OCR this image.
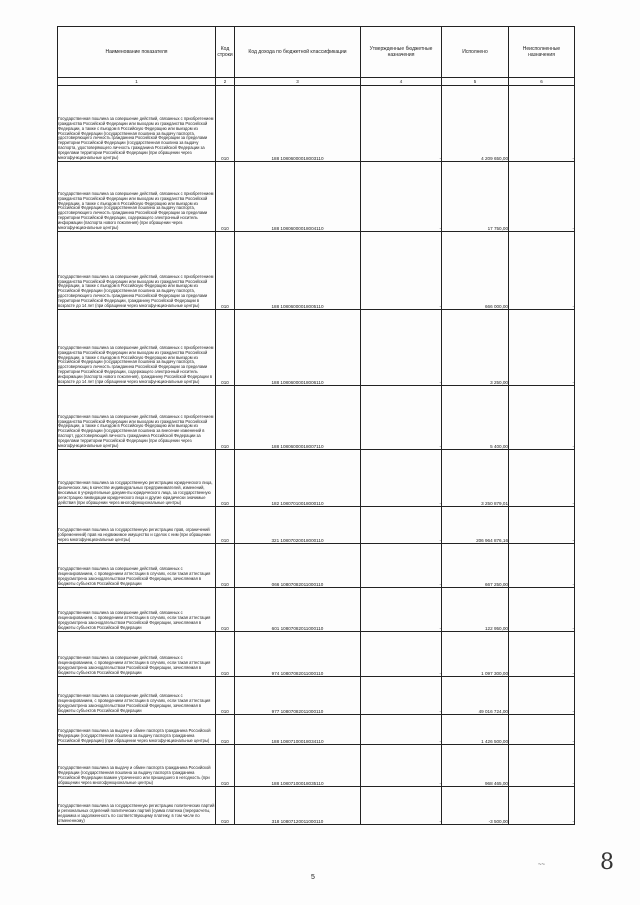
Наименование показателя	Код строки	Код дохода по бюджетной классификации	Утвержденные бюджетные назначения	Исполнено	Неисполненные назначения
1	2	3	4	5	6
Государственная пошлина за совершение действий, связанных с приобретением гражданства Российской Федерации или выходом из гражданства Российской Федерации, а также с въездом в Российскую Федерацию или выездом из Российской Федерации (государственная пошлина за выдачу паспорта, удостоверяющего личность гражданина Российской Федерации за пределами территории Российской Федерации (государственная пошлина за выдачу паспорта, удостоверяющего личность гражданина Российской Федерации за пределами территории Российской Федерации (при обращении через многофункциональные центры)	010	188 10806000018003110	-	4 209 650,00	-
Государственная пошлина за совершение действий, связанных с приобретением гражданства Российской Федерации или выходом из гражданства Российской Федерации, а также с въездом в Российскую Федерацию или выездом из Российской Федерации (государственная пошлина за выдачу паспорта, удостоверяющего личность гражданина Российской Федерации за пределами территории Российской Федерации, содержащего электронный носитель информации (паспорта нового поколения) (при обращении через многофункциональные центры)	010	188 10806000018004110	-	17 750,00	-
Государственная пошлина за совершение действий, связанных с приобретением гражданства Российской Федерации или выходом из гражданства Российской Федерации, а также с въездом в Российскую Федерацию или выездом из Российской Федерации (государственная пошлина за выдачу паспорта, удостоверяющего личность гражданина Российской Федерации за пределами территории Российской Федерации, гражданину Российской Федерации в возрасте до 14 лет (при обращении через многофункциональные центры)	010	188 10806000018005110	-	666 000,00	-
Государственная пошлина за совершение действий, связанных с приобретением гражданства Российской Федерации или выходом из гражданства Российской Федерации, а также с въездом в Российскую Федерацию или выездом из Российской Федерации (государственная пошлина за выдачу паспорта, удостоверяющего личность гражданина Российской Федерации за пределами территории Российской Федерации, содержащего электронный носитель информации (паспорта нового поколения), гражданину Российской Федерации в возрасте до 14 лет (при обращении через многофункциональные центры)	010	188 10806000018006110	-	3 250,00	-
Государственная пошлина за совершение действий, связанных с приобретением гражданства Российской Федерации или выходом из гражданства Российской Федерации, а также с въездом в Российскую Федерацию или выездом из Российской Федерации (государственная пошлина за внесение изменений в паспорт, удостоверяющий личность гражданина Российской Федерации за пределами территории Российской Федерации (при обращении через многофункциональные центры)	010	188 10806000018007110	-	5 400,00	-
Государственная пошлина за государственную регистрацию юридического лица, физических лиц в качестве индивидуальных предпринимателей, изменений, вносимых в учредительные документы юридического лица, за государственную регистрацию ликвидации юридического лица и другие юридически значимые действия (при обращении через многофункциональные центры)	010	182 10807010018000110	-	3 250 879,01	-
Государственная пошлина за государственную регистрацию прав, ограничений (обременений) прав на недвижимое имущество и сделок с ним (при обращении через многофункциональные центры)	010	321 10807020018000110	-	206 964 876,16	-
Государственная пошлина за совершение действий, связанных с лицензированием, с проведением аттестации в случаях, если такая аттестация предусмотрена законодательством Российской Федерации, зачисляемая в бюджеты субъектов Российской Федерации	010	066 10807082011000110	-	667 250,00	-
Государственная пошлина за совершение действий, связанных с лицензированием, с проведением аттестации в случаях, если такая аттестация предусмотрена законодательством Российской Федерации, зачисляемая в бюджеты субъектов Российской Федерации	010	601 10807082011000110	-	122 950,00	-
Государственная пошлина за совершение действий, связанных с лицензированием, с проведением аттестации в случаях, если такая аттестация предусмотрена законодательством Российской Федерации, зачисляемая в бюджеты субъектов Российской Федерации	010	974 10807082011000110	-	1 097 300,00	-
Государственная пошлина за совершение действий, связанных с лицензированием, с проведением аттестации в случаях, если такая аттестация предусмотрена законодательством Российской Федерации, зачисляемая в бюджеты субъектов Российской Федерации	010	977 10807082011000110	-	49 016 724,00	-
Государственная пошлина за выдачу и обмен паспорта гражданина Российской Федерации (государственная пошлина за выдачу паспорта гражданина Российской Федерации) (при обращении через многофункциональные центры)	010	188 10807100018034110	-	1 426 500,00	-
Государственная пошлина за выдачу и обмен паспорта гражданина Российской Федерации (государственная пошлина за выдачу паспорта гражданина Российской Федерации взамен утраченного или пришедшего в негодность (при обращении через многофункциональные центры)	010	188 10807100018035110	-	968 465,00	-
Государственная пошлина за государственную регистрацию политических партий и региональных отделений политических партий (сумма платежа (перерасчеты, недоимка и задолженность по соответствующему платежу, в том числе по отмененному)	010	318 10807120011000110	-	-3 500,00	-
5
~~ 8
